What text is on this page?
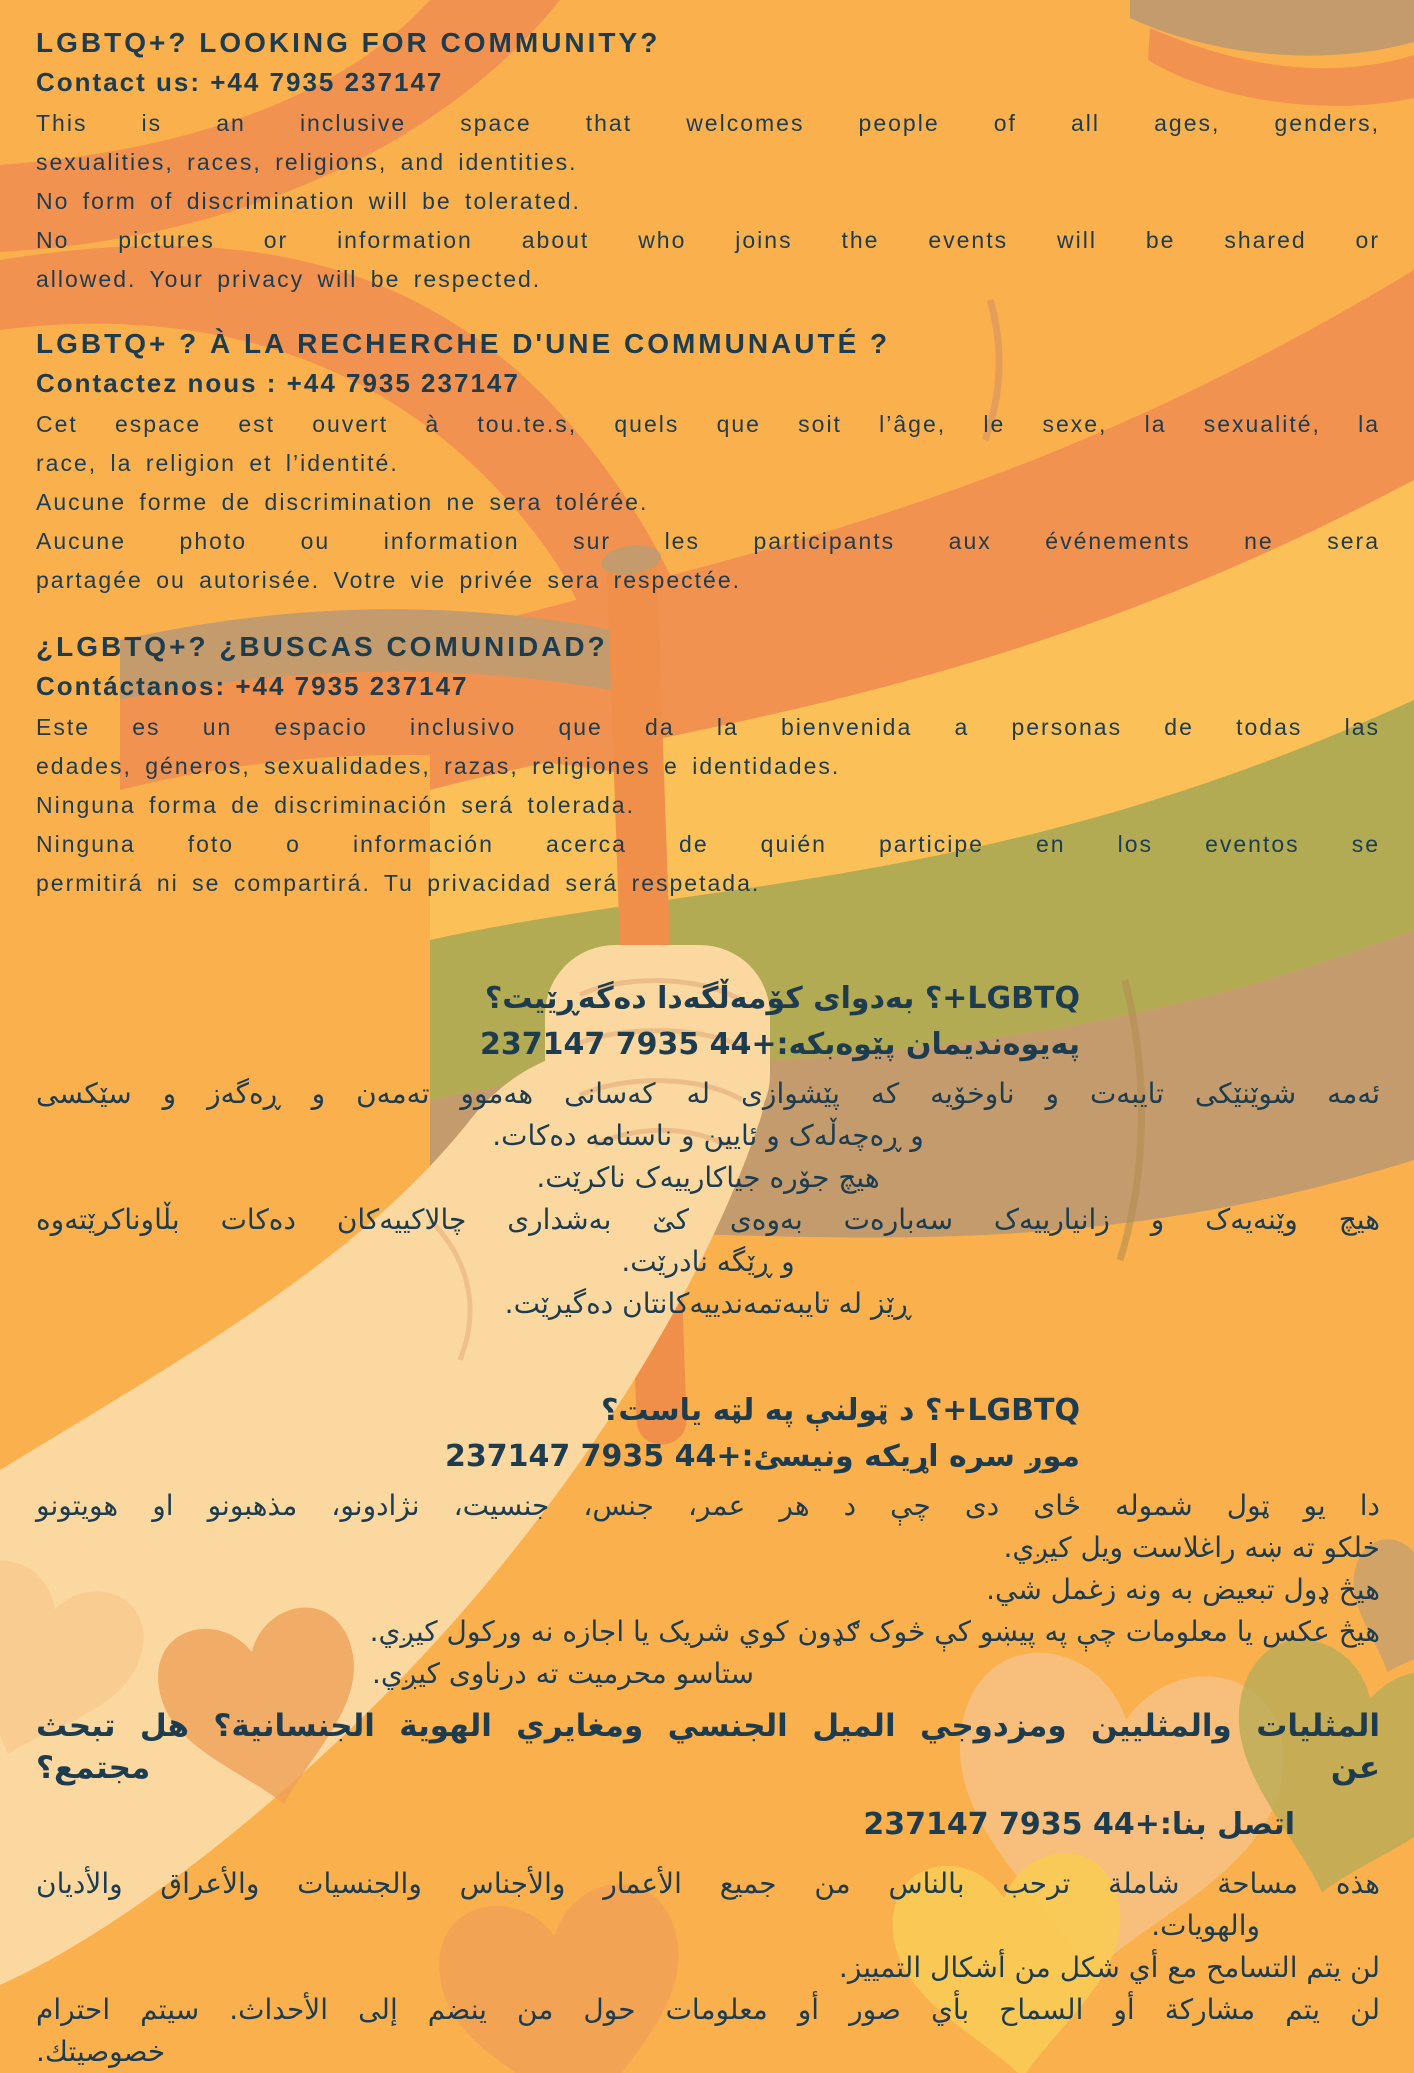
LGBTQ+? LOOKING FOR COMMUNITY?
Contact us: +44 7935 237147

This is an inclusive space that welcomes people of all ages, genders,
sexualities, races, religions, and identities.

No form of discrimination will be tolerated.

No pictures or information about who joins the events will be shared or
allowed. Your privacy will be respected.

LGBTQ+ ? À LA RECHERCHE D'UNE COMMUNAUTÉ ?
Contactez nous : +44 7935 237147

Cet espace est ouvert à tou.te.s, quels que soit l’âge, le sexe, la sexualité, la
race, la religion et l’identité.

Aucune forme de discrimination ne sera tolérée.

Aucune photo ou information sur les participants aux événements ne sera
partagée ou autorisée. Votre vie privée sera respectée.

¿LGBTQ+? ¿BUSCAS COMUNIDAD?
Contáctanos: +44 7935 237147

Este es un espacio inclusivo que da la bienvenida a personas de todas las
edades, géneros, sexualidades, razas, religiones e identidades.

Ninguna forma de discriminación será tolerada.

Ninguna foto o información acerca de quién participe en los eventos se
permitirá ni se compartirá. Tu privacidad será respetada.

LGBTQ+؟ بەدوای کۆمەڵگەدا دەگەڕێیت؟
پەیوەندیمان پێوەبکە:+44 7935 237147

ئەمە شوێنێکی تایبەت و ناوخۆیە کە پێشوازی لە کەسانی هەموو تەمەن و ڕەگەز و سێکسی
و ڕەچەڵەک و ئایین و ناسنامە دەکات.

هیچ جۆرە جیاکارییەک ناکرێت.

هیچ وێنەیەک و زانیارییەک سەبارەت بەوەی کێ بەشداری چالاکییەکان دەکات بڵاوناکرێتەوە
و ڕێگە نادرێت.

ڕێز لە تایبەتمەندییەکانتان دەگیرێت.

LGBTQ+؟ د ټولنې په لټه یاست؟
موږ سره اړیکه ونیسئ:+44 7935 237147

دا یو ټول شموله ځای دی چې د هر عمر، جنس، جنسیت، نژادونو، مذهبونو او هویتونو
خلکو ته ښه راغلاست ویل کیږي.

هیڅ ډول تبعیض به ونه زغمل شي.

هیڅ عکس یا معلومات چې په پیښو کې څوک ګډون کوي شریک یا اجازه نه ورکول کیږي.

ستاسو محرمیت ته درناوی کیږي.

المثليات والمثليين ومزدوجي الميل الجنسي ومغايري الهوية الجنسانية؟ هل تبحث
عن مجتمع؟
اتصل بنا:+44 7935 237147

هذه مساحة شاملة ترحب بالناس من جميع الأعمار والأجناس والجنسيات والأعراق والأديان
والهويات.

لن يتم التسامح مع أي شكل من أشكال التمييز.

لن يتم مشاركة أو السماح بأي صور أو معلومات حول من ينضم إلى الأحداث. سيتم احترام
خصوصيتك.
